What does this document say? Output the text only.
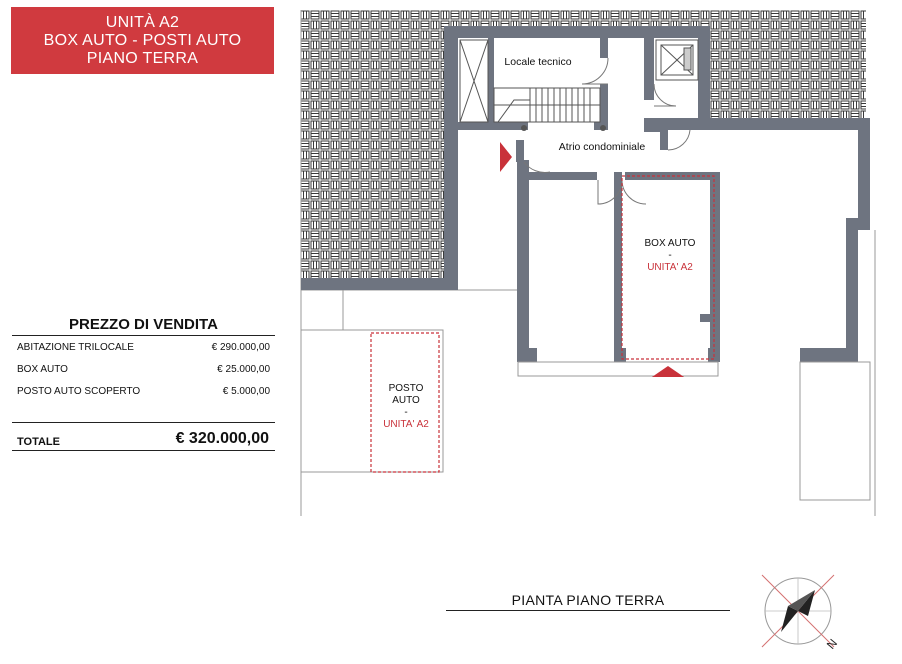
UNITÀ A2
BOX AUTO - POSTI AUTO
PIANO TERRA
PREZZO DI VENDITA
ABITAZIONE TRILOCALE	€ 290.000,00
BOX AUTO	€ 25.000,00
POSTO AUTO SCOPERTO	€ 5.000,00
TOTALE	€ 320.000,00
Locale tecnico
Atrio condominiale
BOX AUTO
-
UNITA' A2
POSTO
AUTO
-
UNITA' A2
N
PIANTA PIANO TERRA
